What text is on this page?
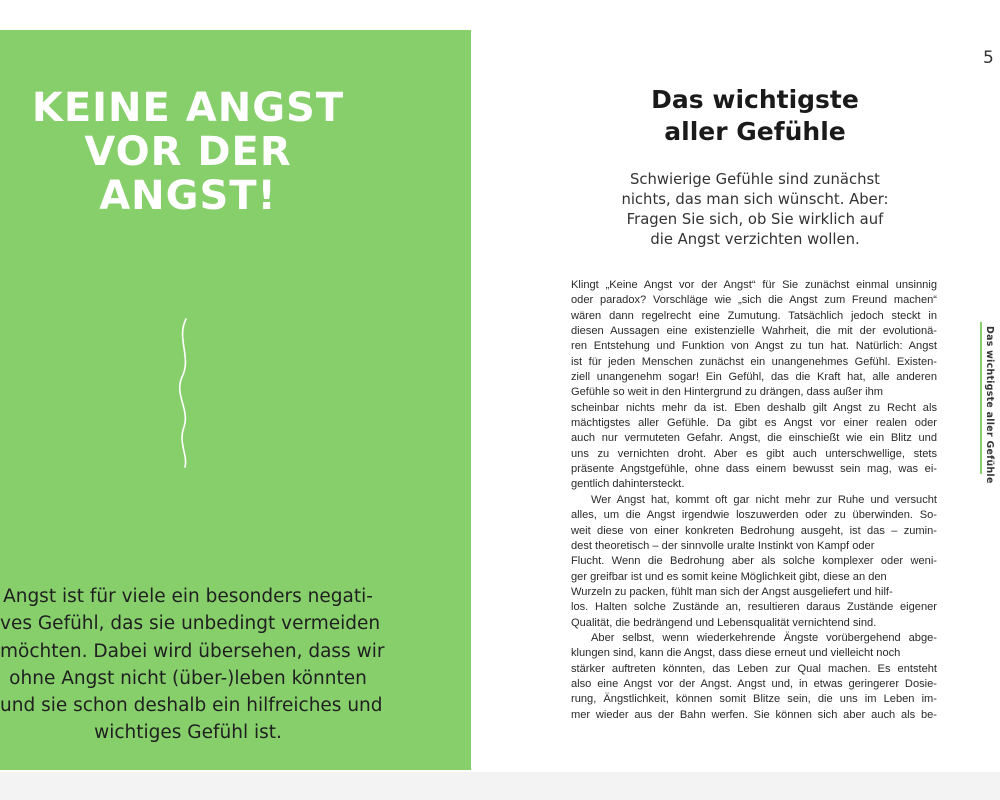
KEINE ANGST
VOR DER ANGST!
Angst ist für viele ein besonders negati-
ves Gefühl, das sie unbedingt vermeiden
möchten. Dabei wird übersehen, dass wir
ohne Angst nicht (über-)leben könnten
und sie schon deshalb ein hilfreiches und
wichtiges Gefühl ist.
5
Das wichtigste
aller Gefühle
Schwierige Gefühle sind zunächst
nichts, das man sich wünscht. Aber:
Fragen Sie sich, ob Sie wirklich auf
die Angst verzichten wollen.
Klingt „Keine Angst vor der Angst“ für Sie zunächst einmal unsinnig
oder paradox? Vorschläge wie „sich die Angst zum Freund machen“
wären dann regelrecht eine Zumutung. Tatsächlich jedoch steckt in
diesen Aussagen eine existenzielle Wahrheit, die mit der evolutionä-
ren Entstehung und Funktion von Angst zu tun hat. Natürlich: Angst
ist für jeden Menschen zunächst ein unangenehmes Gefühl. Existen-
ziell unangenehm sogar! Ein Gefühl, das die Kraft hat, alle anderen
Gefühle so weit in den Hintergrund zu drängen, dass außer ihm
scheinbar nichts mehr da ist. Eben deshalb gilt Angst zu Recht als
mächtigstes aller Gefühle. Da gibt es Angst vor einer realen oder
auch nur vermuteten Gefahr. Angst, die einschießt wie ein Blitz und
uns zu vernichten droht. Aber es gibt auch unterschwellige, stets
präsente Angstgefühle, ohne dass einem bewusst sein mag, was ei-
gentlich dahintersteckt.
Wer Angst hat, kommt oft gar nicht mehr zur Ruhe und versucht
alles, um die Angst irgendwie loszuwerden oder zu überwinden. So-
weit diese von einer konkreten Bedrohung ausgeht, ist das – zumin-
dest theoretisch – der sinnvolle uralte Instinkt von Kampf oder
Flucht. Wenn die Bedrohung aber als solche komplexer oder weni-
ger greifbar ist und es somit keine Möglichkeit gibt, diese an den
Wurzeln zu packen, fühlt man sich der Angst ausgeliefert und hilf-
los. Halten solche Zustände an, resultieren daraus Zustände eigener
Qualität, die bedrängend und Lebensqualität vernichtend sind.
Aber selbst, wenn wiederkehrende Ängste vorübergehend abge-
klungen sind, kann die Angst, dass diese erneut und vielleicht noch
stärker auftreten könnten, das Leben zur Qual machen. Es entsteht
also eine Angst vor der Angst. Angst und, in etwas geringerer Dosie-
rung, Ängstlichkeit, können somit Blitze sein, die uns im Leben im-
mer wieder aus der Bahn werfen. Sie können sich aber auch als be-
Das wichtigste aller Gefühle
